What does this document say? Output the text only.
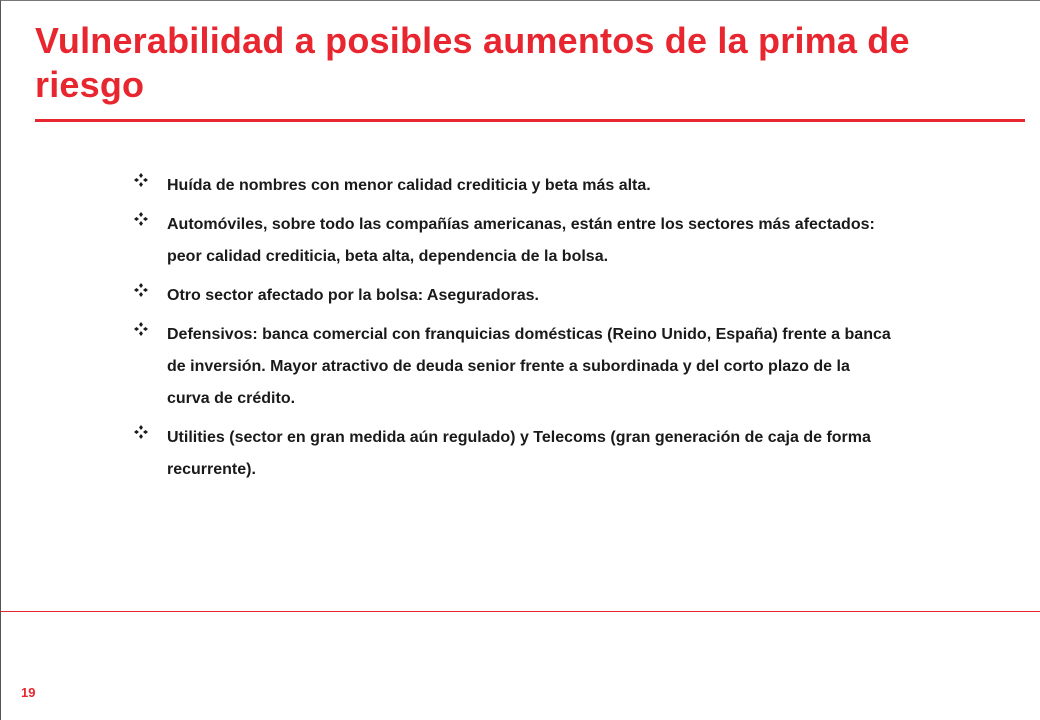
Vulnerabilidad a posibles aumentos de la prima de riesgo
Huída de nombres con menor calidad crediticia y beta más alta.
Automóviles, sobre todo las compañías americanas, están entre los sectores más afectados: peor calidad crediticia, beta alta, dependencia de la bolsa.
Otro sector afectado por la bolsa: Aseguradoras.
Defensivos: banca comercial con franquicias domésticas (Reino Unido, España) frente a banca de inversión. Mayor atractivo de deuda senior frente a subordinada y del corto plazo de la curva de crédito.
Utilities (sector en gran medida aún regulado) y Telecoms (gran generación de caja de forma recurrente).
19
